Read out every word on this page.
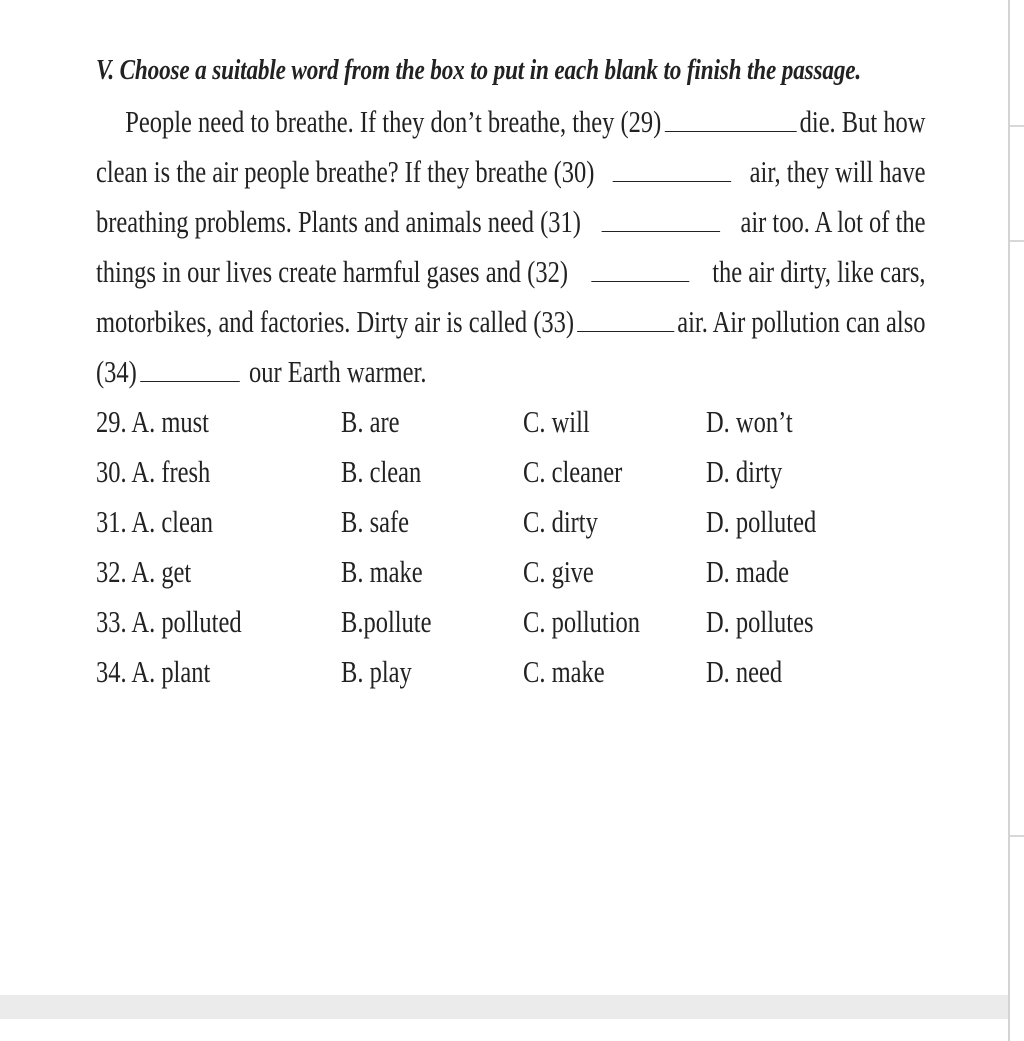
V. Choose a suitable word from the box to put in each blank to finish the passage.
People need to breathe. If they don’t breathe, they (29)	die. But how
clean is the air people breathe? If they breathe (30)	air, they will have
breathing problems. Plants and animals need (31)	air too. A lot of the
things in our lives create harmful gases and (32)	the air dirty, like cars,
motorbikes, and factories. Dirty air is called (33)	air. Air pollution can also
(34)	our Earth warmer.
29. A. must	B. are	C. will	D. won’t
30. A. fresh	B. clean	C. cleaner	D. dirty
31. A. clean	B. safe	C. dirty	D. polluted
32. A. get	B. make	C. give	D. made
33. A. polluted	B.pollute	C. pollution D. pollutes
34. A. plant	B. play	C. make	D. need
